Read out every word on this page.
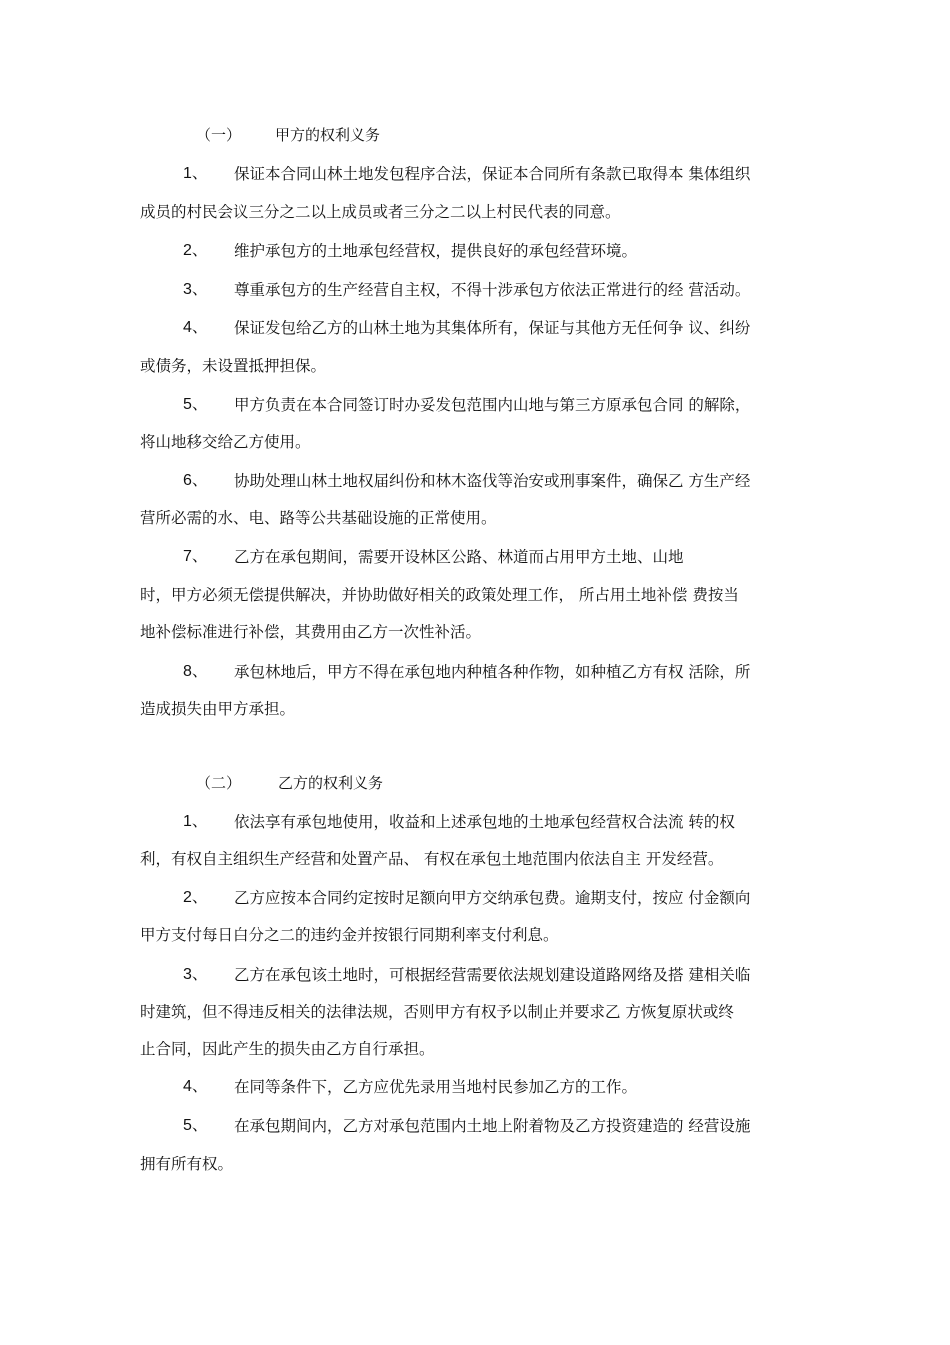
（一） 甲方的权利义务
1、 保证本合同山林土地发包程序合法，保证本合同所有条款已取得本 集体组织
成员的村民会议三分之二以上成员或者三分之二以上村民代表的同意。
2、 维护承包方的土地承包经营权，提供良好的承包经营环境。
3、 尊重承包方的生产经营自主权，不得十涉承包方依法正常进行的经 营活动。
4、 保证发包给乙方的山林土地为其集体所有，保证与其他方无任何争 议、纠纷
或债务，未设置抵押担保。
5、 甲方负责在本合同签订时办妥发包范围内山地与第三方原承包合同 的解除，
将山地移交给乙方使用。
6、 协助处理山林土地权届纠份和林木盗伐等治安或刑事案件，确保乙 方生产经
营所必需的水、电、路等公共基础设施的正常使用。
7、 乙方在承包期间，需要开设林区公路、林道而占用甲方土地、山地
时，甲方必须无偿提供解决，并协助做好相关的政策处理工作， 所占用土地补偿 费按当
地补偿标准进行补偿，其费用由乙方一次性补活。
8、 承包林地后，甲方不得在承包地内种植各种作物，如种植乙方有权 活除，所
造成损失由甲方承担。
（二） 乙方的权利义务
1、 依法享有承包地使用，收益和上述承包地的土地承包经营权合法流 转的权
利，有权自主组织生产经营和处置产品、 有权在承包土地范围内依法自主 开发经营。
2、 乙方应按本合同约定按时足额向甲方交纳承包费。逾期支付，按应 付金额向
甲方支付每日白分之二的违约金并按银行同期利率支付利息。
3、 乙方在承包该土地时，可根据经营需要依法规划建设道路网络及搭 建相关临
时建筑，但不得违反相关的法律法规，否则甲方有权予以制止并要求乙 方恢复原状或终
止合同，因此产生的损失由乙方自行承担。
4、 在同等条件下，乙方应优先录用当地村民参加乙方的工作。
5、 在承包期间内，乙方对承包范围内土地上附着物及乙方投资建造的 经营设施
拥有所有权。
